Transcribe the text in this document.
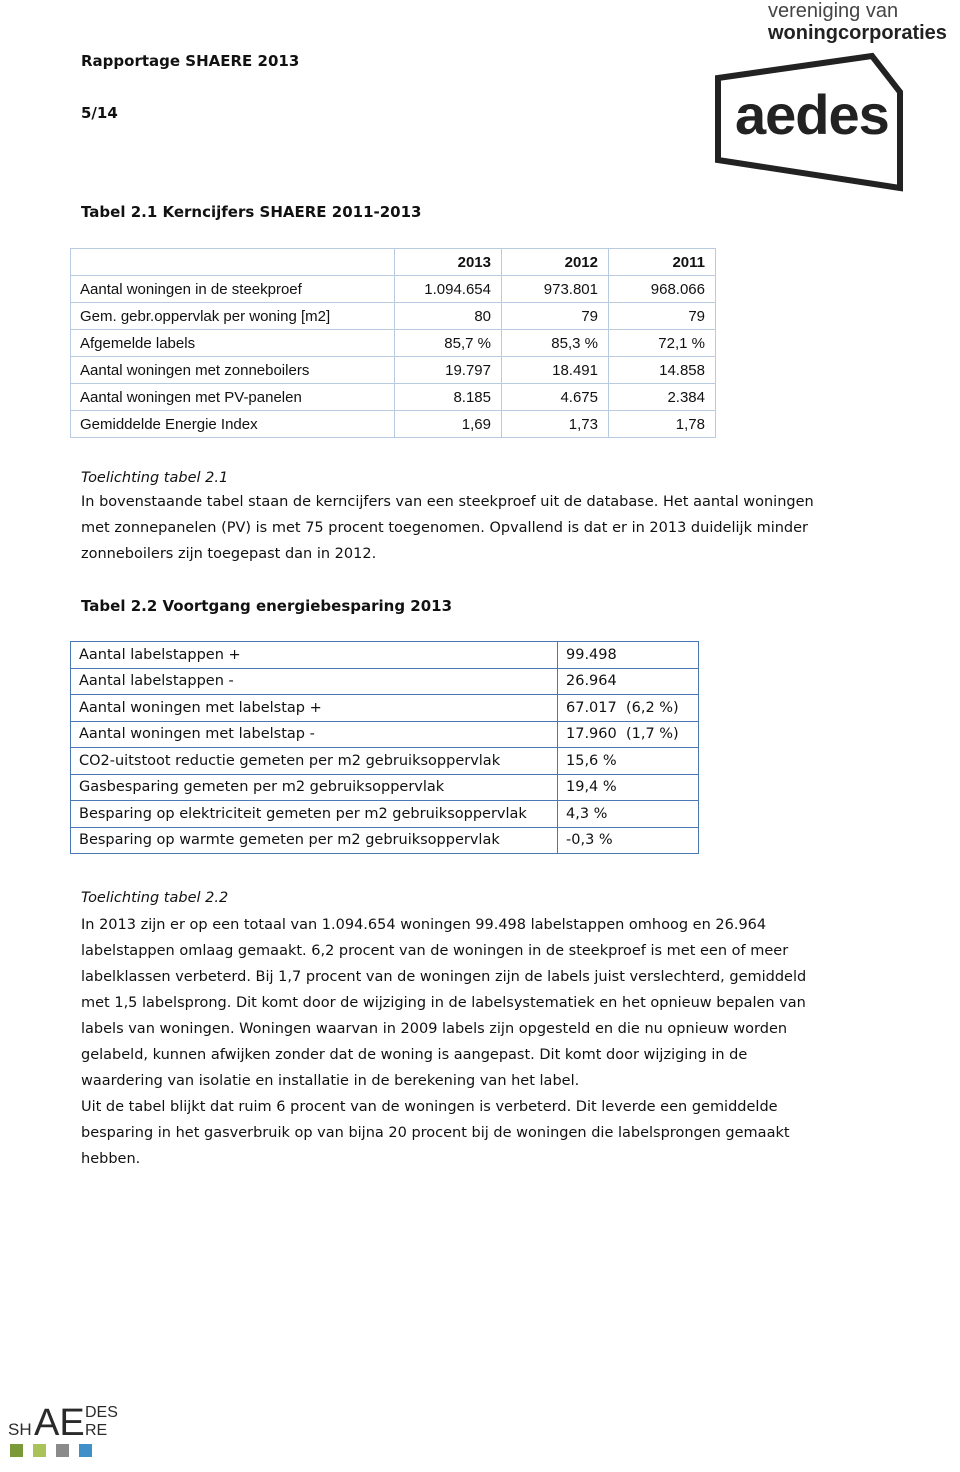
Rapportage SHAERE 2013
5/14
vereniging van
woningcorporaties
aedes
Tabel 2.1 Kerncijfers SHAERE 2011-2013
	2013	2012	2011
Aantal woningen in de steekproef	1.094.654	973.801	968.066
Gem. gebr.oppervlak per woning [m2]	80	79	79
Afgemelde labels	85,7 %	85,3 %	72,1 %
Aantal woningen met zonneboilers	19.797	18.491	14.858
Aantal woningen met PV-panelen	8.185	4.675	2.384
Gemiddelde Energie Index	1,69	1,73	1,78
Toelichting tabel 2.1
In bovenstaande tabel staan de kerncijfers van een steekproef uit de database. Het aantal woningen
met zonnepanelen (PV) is met 75 procent toegenomen. Opvallend is dat er in 2013 duidelijk minder
zonneboilers zijn toegepast dan in 2012.
Tabel 2.2 Voortgang energiebesparing 2013
Aantal labelstappen +	99.498
Aantal labelstappen -	26.964
Aantal woningen met labelstap +	67.017  (6,2 %)
Aantal woningen met labelstap -	17.960  (1,7 %)
CO2-uitstoot reductie gemeten per m2 gebruiksoppervlak	15,6 %
Gasbesparing gemeten per m2 gebruiksoppervlak	19,4 %
Besparing op elektriciteit gemeten per m2 gebruiksoppervlak	4,3 %
Besparing op warmte gemeten per m2 gebruiksoppervlak	-0,3 %
Toelichting tabel 2.2
In 2013 zijn er op een totaal van 1.094.654 woningen 99.498 labelstappen omhoog en 26.964
labelstappen omlaag gemaakt. 6,2 procent van de woningen in de steekproef is met een of meer
labelklassen verbeterd. Bij 1,7 procent van de woningen zijn de labels juist verslechterd, gemiddeld
met 1,5 labelsprong. Dit komt door de wijziging in de labelsystematiek en het opnieuw bepalen van
labels van woningen. Woningen waarvan in 2009 labels zijn opgesteld en die nu opnieuw worden
gelabeld, kunnen afwijken zonder dat de woning is aangepast. Dit komt door wijziging in de
waardering van isolatie en installatie in de berekening van het label.
Uit de tabel blijkt dat ruim 6 procent van de woningen is verbeterd. Dit leverde een gemiddelde
besparing in het gasverbruik op van bijna 20 procent bij de woningen die labelsprongen gemaakt
hebben.
SH AE DES
RE
